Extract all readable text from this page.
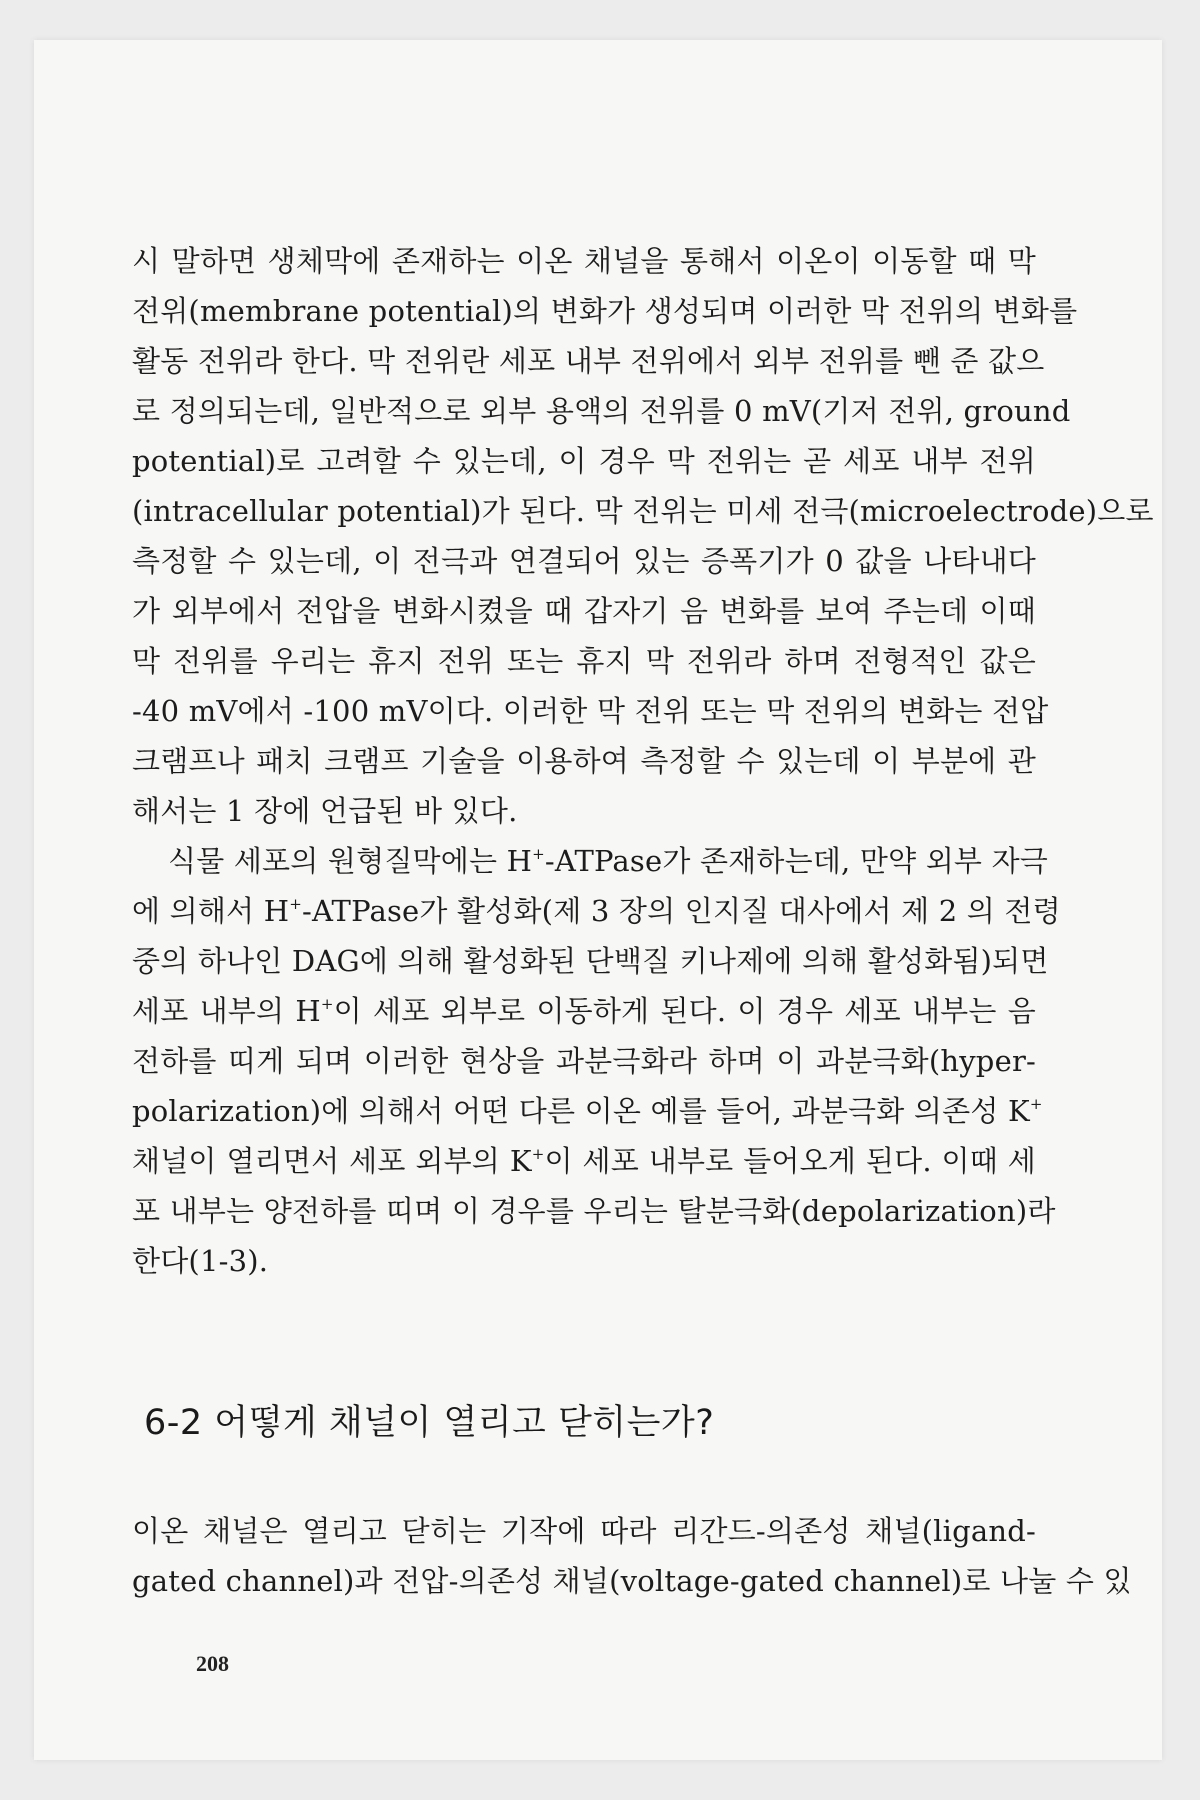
시 말하면 생체막에 존재하는 이온 채널을 통해서 이온이 이동할 때 막

전위(membrane potential)의 변화가 생성되며 이러한 막 전위의 변화를

활동 전위라 한다. 막 전위란 세포 내부 전위에서 외부 전위를 뺀 준 값으

로 정의되는데, 일반적으로 외부 용액의 전위를 0 mV(기저 전위, ground

potential)로 고려할 수 있는데, 이 경우 막 전위는 곧 세포 내부 전위

(intracellular potential)가 된다. 막 전위는 미세 전극(microelectrode)으로

측정할 수 있는데, 이 전극과 연결되어 있는 증폭기가 0 값을 나타내다

가 외부에서 전압을 변화시켰을 때 갑자기 음 변화를 보여 주는데 이때

막 전위를 우리는 휴지 전위 또는 휴지 막 전위라 하며 전형적인 값은

-40 mV에서 -100 mV이다. 이러한 막 전위 또는 막 전위의 변화는 전압

크램프나 패치 크램프 기술을 이용하여 측정할 수 있는데 이 부분에 관

해서는 1 장에 언급된 바 있다.

식물 세포의 원형질막에는 H+-ATPase가 존재하는데, 만약 외부 자극

에 의해서 H+-ATPase가 활성화(제 3 장의 인지질 대사에서 제 2 의 전령

중의 하나인 DAG에 의해 활성화된 단백질 키나제에 의해 활성화됨)되면

세포 내부의 H+이 세포 외부로 이동하게 된다. 이 경우 세포 내부는 음

전하를 띠게 되며 이러한 현상을 과분극화라 하며 이 과분극화(hyper-

polarization)에 의해서 어떤 다른 이온 예를 들어, 과분극화 의존성 K+

채널이 열리면서 세포 외부의 K+이 세포 내부로 들어오게 된다. 이때 세

포 내부는 양전하를 띠며 이 경우를 우리는 탈분극화(depolarization)라

한다(1-3).

6-2 어떻게 채널이 열리고 닫히는가?

이온 채널은 열리고 닫히는 기작에 따라 리간드-의존성 채널(ligand-

gated channel)과 전압-의존성 채널(voltage-gated channel)로 나눌 수 있

208
